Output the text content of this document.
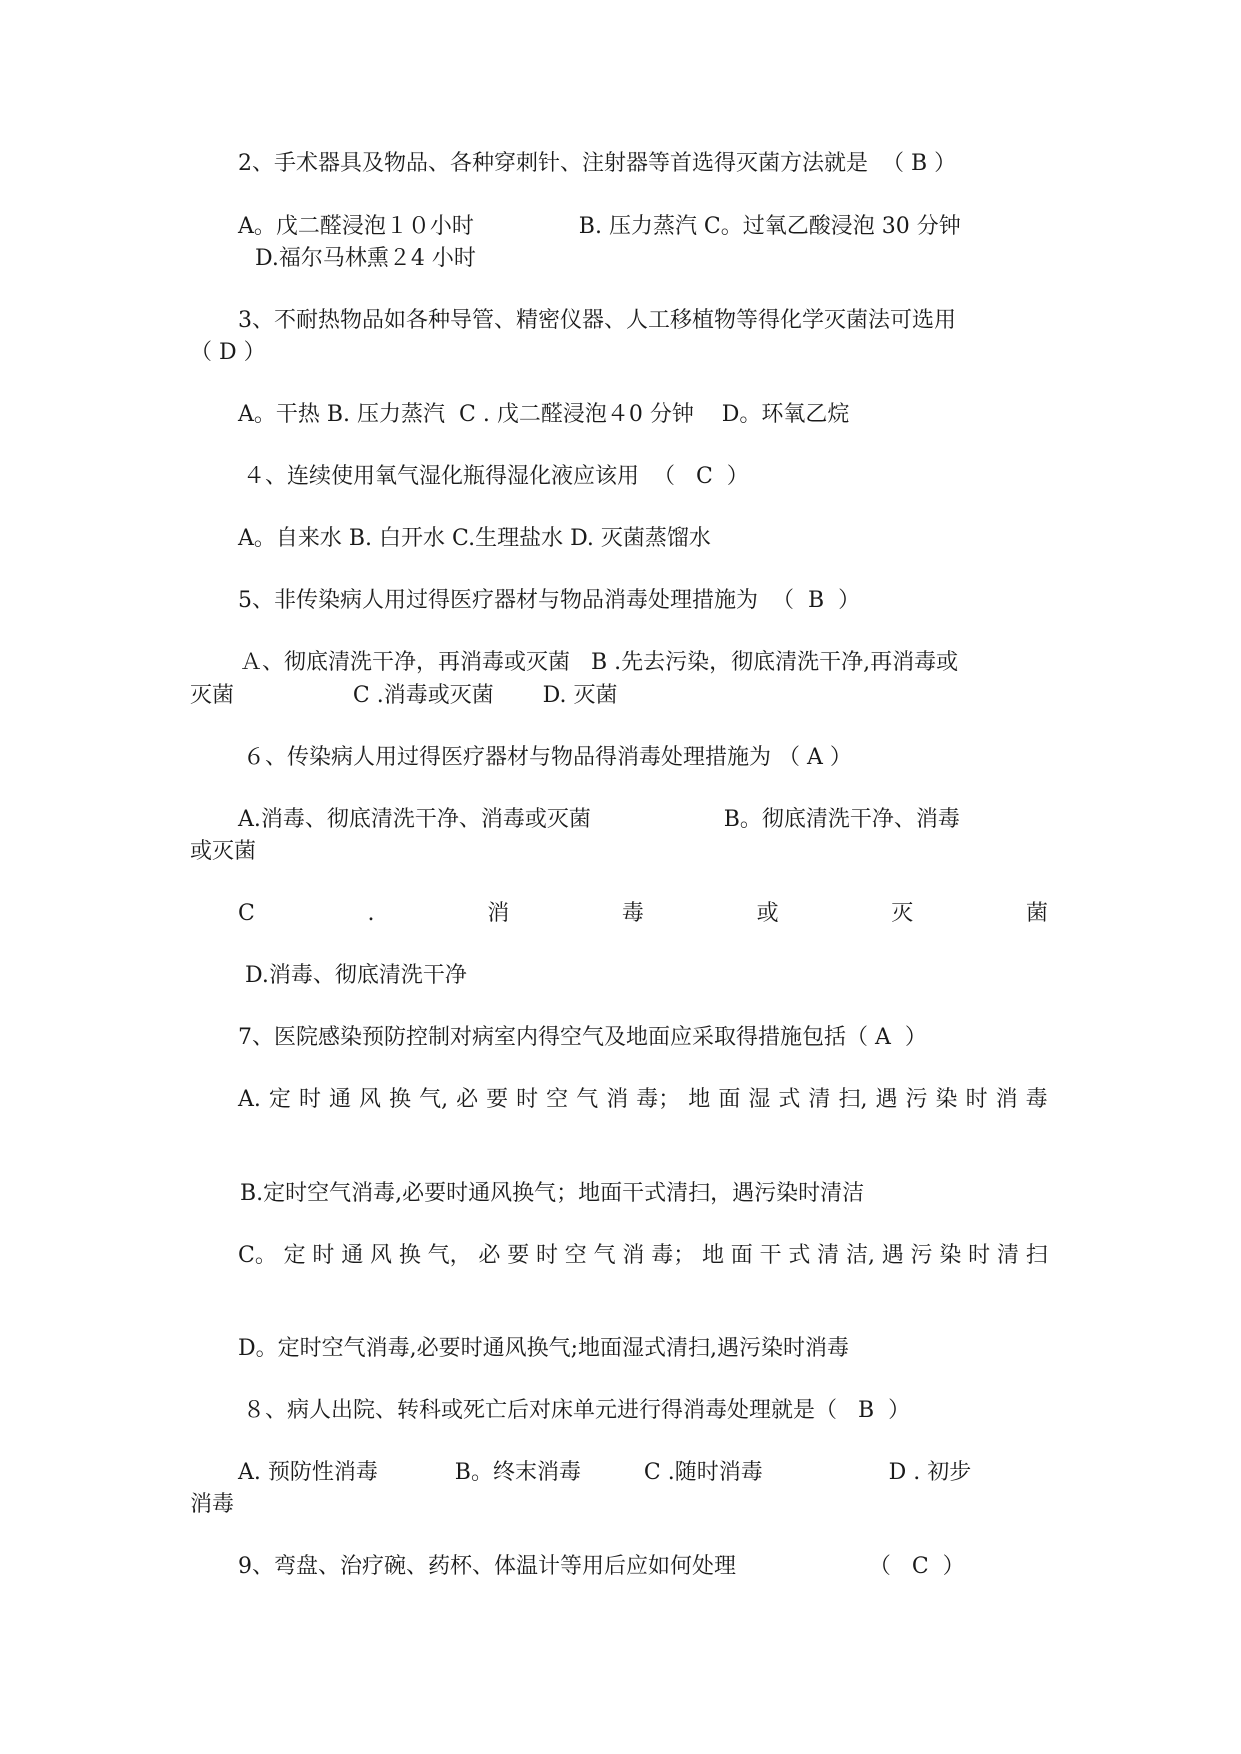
2、手术器具及物品、各种穿刺针、注射器等首选得灭菌方法就是  （ B ）

A。戊二醛浸泡１０小时               B. 压力蒸汽 C。过氧乙酸浸泡 30 分钟

D.福尔马林熏２4 小时

3、不耐热物品如各种导管、精密仪器、人工移植物等得化学灭菌法可选用

（ D ）

A。干热 B. 压力蒸汽  C . 戊二醛浸泡４0 分钟    D。环氧乙烷

４、连续使用氧气湿化瓶得湿化液应该用  （   C  ）

A。自来水 B. 白开水 C.生理盐水 D. 灭菌蒸馏水

5、非传染病人用过得医疗器材与物品消毒处理措施为  （  B  ）

Ａ、彻底清洗干净，再消毒或灭菌   B .先去污染，彻底清洗干净,再消毒或

灭菌                 C .消毒或灭菌       D. 灭菌

６、传染病人用过得医疗器材与物品得消毒处理措施为 （ A ）

A.消毒、彻底清洗干净、消毒或灭菌                   B。彻底清洗干净、消毒

或灭菌

C	.	消	毒	或	灭	菌

D.消毒、彻底清洗干净

7、医院感染预防控制对病室内得空气及地面应采取得措施包括（ A  ）

A. 定 时 通 风 换 气, 必 要 时 空 气 消 毒； 地 面 湿 式 清 扫, 遇 污 染 时 消 毒

B.定时空气消毒,必要时通风换气；地面干式清扫，遇污染时清洁

C。 定 时 通 风 换 气， 必 要 时 空 气 消 毒； 地 面 干 式 清 洁, 遇 污 染 时 清 扫

D。定时空气消毒,必要时通风换气;地面湿式清扫,遇污染时消毒

８、病人出院、转科或死亡后对床单元进行得消毒处理就是（   B  ）

A. 预防性消毒           B。终末消毒         C .随时消毒                  D . 初步

消毒

9、弯盘、治疗碗、药杯、体温计等用后应如何处理                   （   C  ）
